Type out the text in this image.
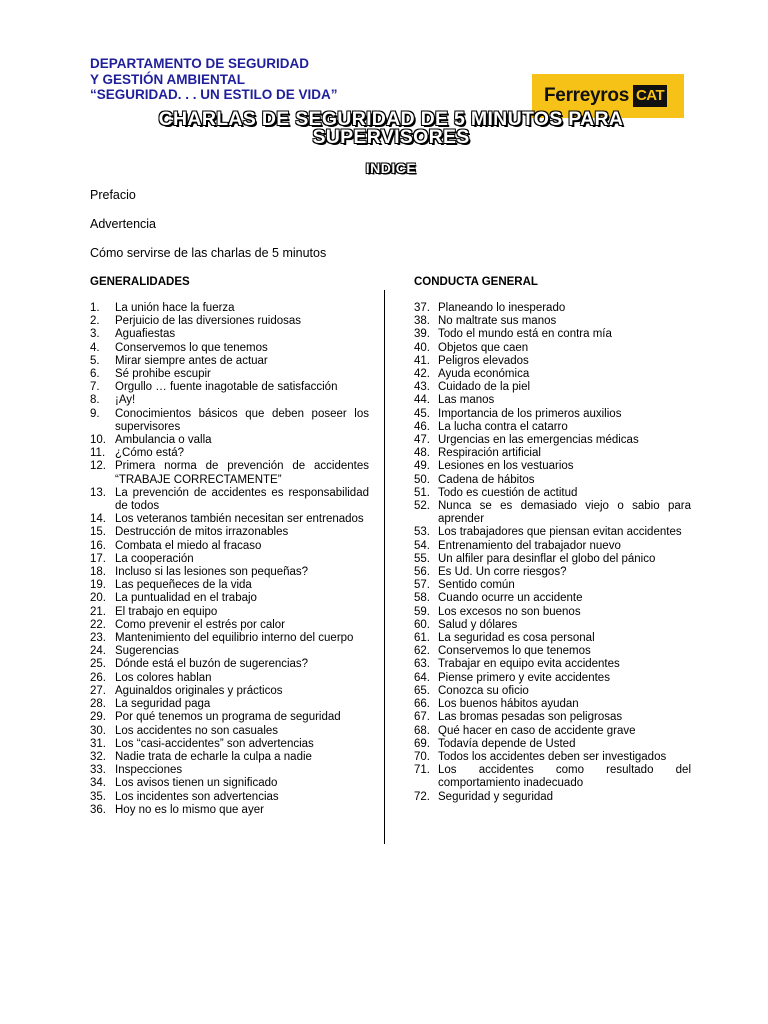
DEPARTAMENTO DE SEGURIDAD
Y GESTIÓN AMBIENTAL
“SEGURIDAD. . . UN ESTILO DE VIDA”	Ferreyros CAT
CHARLAS DE SEGURIDAD DE 5 MINUTOS PARA
SUPERVISORES
INDICE
Prefacio
Advertencia
Cómo servirse de las charlas de 5 minutos
GENERALIDADES	CONDUCTA GENERAL
1.	La unión hace la fuerza
2.	Perjuicio de las diversiones ruidosas
3.	Aguafiestas
4.	Conservemos lo que tenemos
5.	Mirar siempre antes de actuar
6.	Sé prohibe escupir
7.	Orgullo … fuente inagotable de satisfacción
8.	¡Ay!
9.	Conocimientos básicos que deben poseer los supervisores
10. Ambulancia o valla
11. ¿Cómo está?
12. Primera norma de prevención de accidentes “TRABAJE CORRECTAMENTE”
13. La prevención de accidentes es responsabilidad de todos
14. Los veteranos también necesitan ser entrenados
15. Destrucción de mitos irrazonables
16. Combata el miedo al fracaso
17. La cooperación
18. Incluso si las lesiones son pequeñas?
19. Las pequeñeces de la vida
20. La puntualidad en el trabajo
21. El trabajo en equipo
22. Como prevenir el estrés por calor
23. Mantenimiento del equilibrio interno del cuerpo
24. Sugerencias
25. Dónde está el buzón de sugerencias?
26. Los colores hablan
27. Aguinaldos originales y prácticos
28. La seguridad paga
29. Por qué tenemos un programa de seguridad
30. Los accidentes no son casuales
31. Los “casi-accidentes” son advertencias
32. Nadie trata de echarle la culpa a nadie
33. Inspecciones
34. Los avisos tienen un significado
35. Los incidentes son advertencias
36. Hoy no es lo mismo que ayer
37. Planeando lo inesperado
38. No maltrate sus manos
39. Todo el mundo está en contra mía
40. Objetos que caen
41. Peligros elevados
42. Ayuda económica
43. Cuidado de la piel
44. Las manos
45. Importancia de los primeros auxilios
46. La lucha contra el catarro
47. Urgencias en las emergencias médicas
48. Respiración artificial
49. Lesiones en los vestuarios
50. Cadena de hábitos
51. Todo es cuestión de actitud
52. Nunca se es demasiado viejo o sabio para aprender
53. Los trabajadores que piensan evitan accidentes
54. Entrenamiento del trabajador nuevo
55. Un alfiler para desinflar el globo del pánico
56. Es Ud. Un corre riesgos?
57. Sentido común
58. Cuando ocurre un accidente
59. Los excesos no son buenos
60. Salud y dólares
61. La seguridad es cosa personal
62. Conservemos lo que tenemos
63. Trabajar en equipo evita accidentes
64. Piense primero y evite accidentes
65. Conozca su oficio
66. Los buenos hábitos ayudan
67. Las bromas pesadas son peligrosas
68. Qué hacer en caso de accidente grave
69. Todavía depende de Usted
70. Todos los accidentes deben ser investigados
71. Los accidentes como resultado del comportamiento inadecuado
72. Seguridad y seguridad
